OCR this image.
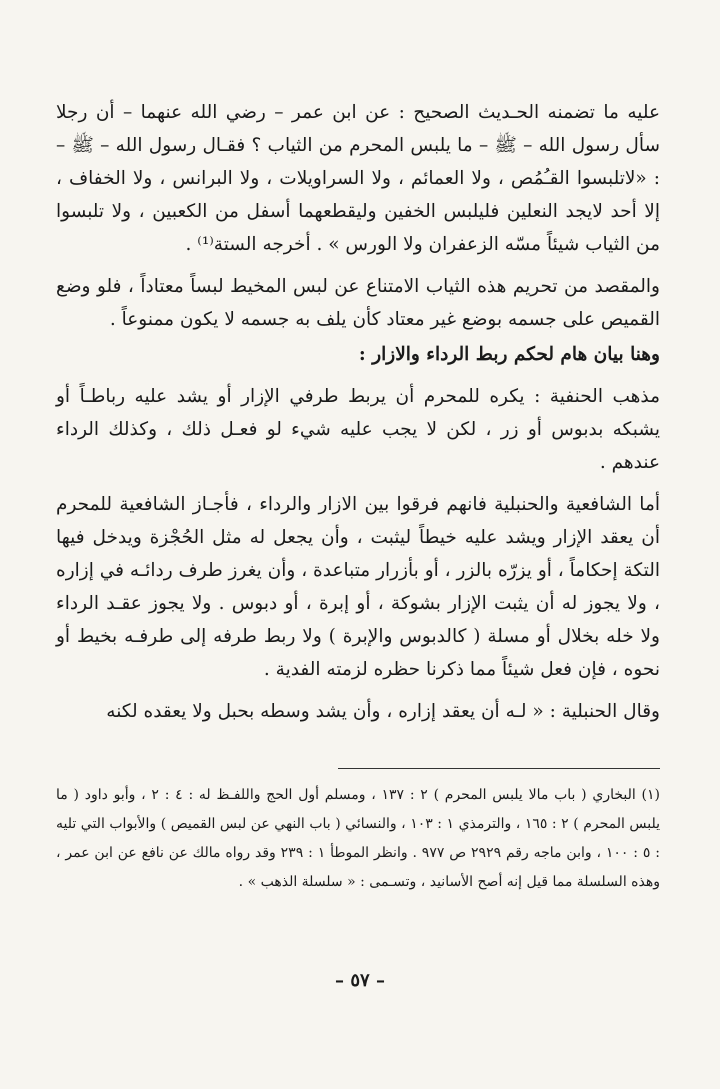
عليه ما تضمنه الحـديث الصحيح : عن ابن عمر – رضي الله عنهما – أن رجلا سأل رسول الله – ﷺ – ما يلبس المحرم من الثياب ؟ فقـال رسول الله – ﷺ – : «لاتلبسوا القـُمُص ، ولا العمائم ، ولا السراويلات ، ولا البرانس ، ولا الخفاف ، إلا أحد لايجد النعلين فليلبس الخفين وليقطعهما أسفل من الكعبين ، ولا تلبسوا من الثياب شيئاً مسّه الزعفران ولا الورس » . أخرجه الستة⁽¹⁾ .

والمقصد من تحريم هذه الثياب الامتناع عن لبس المخيط لبساً معتاداً ، فلو وضع القميص على جسمه بوضع غير معتاد كأن يلف به جسمه لا يكون ممنوعاً .

وهنا بيان هام لحكم ربط الرداء والازار :

مذهب الحنفية : يكره للمحرم أن يربط طرفي الإزار أو يشد عليه رباطـاً أو يشبكه بدبوس أو زر ، لكن لا يجب عليه شيء لو فعـل ذلك ، وكذلك الرداء عندهم .

أما الشافعية والحنبلية فانهم فرقوا بين الازار والرداء ، فأجـاز الشافعية للمحرم أن يعقد الإزار ويشد عليه خيطاً ليثبت ، وأن يجعل له مثل الحُجْزة ويدخل فيها التكة إحكاماً ، أو يزرّه بالزر ، أو بأزرار متباعدة ، وأن يغرز طرف ردائـه في إزاره ، ولا يجوز له أن يثبت الإزار بشوكة ، أو إبرة ، أو دبوس . ولا يجوز عقـد الرداء ولا خله بخلال أو مسلة ( كالدبوس والإبرة ) ولا ربط طرفه إلى طرفـه بخيط أو نحوه ، فإن فعل شيئاً مما ذكرنا حظره لزمته الفدية .

وقال الحنبلية : « لـه أن يعقد إزاره ، وأن يشد وسطه بحبل ولا يعقده لكنه

(١) البخاري ( باب مالا يلبس المحرم ) ٢ : ١٣٧ ، ومسلم أول الحج واللفـظ له : ٤ : ٢ ، وأبو داود ( ما يلبس المحرم ) ٢ : ١٦٥ ، والترمذي ١ : ١٠٣ ، والنسائي ( باب النهي عن لبس القميص ) والأبواب التي تليه : ٥ : ١٠٠ ، وابن ماجه رقم ٢٩٢٩ ص ٩٧٧ . وانظر الموطأ ١ : ٢٣٩ وقد رواه مالك عن نافع عن ابن عمر ، وهذه السلسلة مما قيل إنه أصح الأسانيد ، وتسـمى : « سلسلة الذهب » .

– ٥٧ –
